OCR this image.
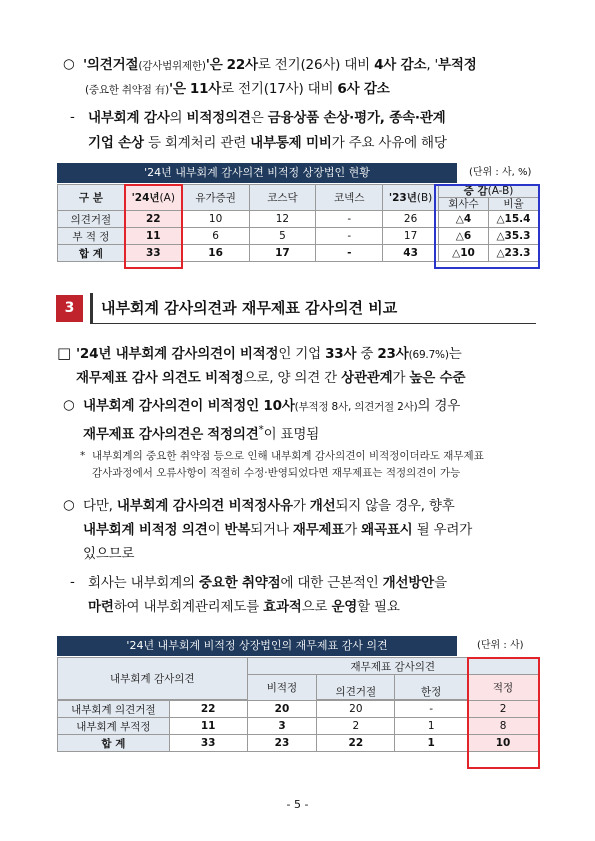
○ '의견거절(감사범위제한)'은 22사로 전기(26사) 대비 4사 감소, '부적정
(중요한 취약점 有)'은 11사로 전기(17사) 대비 6사 감소
- 내부회계 감사의 비적정의견은 금융상품 손상·평가, 종속·관계
기업 손상 등 회계처리 관련 내부통제 미비가 주요 사유에 해당
'24년 내부회계 감사의견 비적정 상장법인 현황	(단위 : 사, %)
구 분	'24년(A)	유가증권	코스닥	코넥스	'23년(B)	증 감(A-B)	
						회사수	비율
의견거절	22	10	12	-	26	△4	△15.4
부 적 정	11	6	5	-	17	△6	△35.3
합 계	33	16	17	-	43	△10	△23.3
3	내부회계 감사의견과 재무제표 감사의견 비교
□ '24년 내부회계 감사의견이 비적정인 기업 33사 중 23사(69.7%)는
재무제표 감사 의견도 비적정으로, 양 의견 간 상관관계가 높은 수준
○ 내부회계 감사의견이 비적정인 10사(부적정 8사, 의견거절 2사)의 경우
재무제표 감사의견은 적정의견*이 표명됨
* 내부회계의 중요한 취약점 등으로 인해 내부회계 감사의견이 비적정이더라도 재무제표
감사과정에서 오류사항이 적절히 수정·반영되었다면 재무제표는 적정의견이 가능
○ 다만, 내부회계 감사의견 비적정사유가 개선되지 않을 경우, 향후
내부회계 비적정 의견이 반복되거나 재무제표가 왜곡표시 될 우려가
있으므로
- 회사는 내부회계의 중요한 취약점에 대한 근본적인 개선방안을
마련하여 내부회계관리제도를 효과적으로 운영할 필요
'24년 내부회계 비적정 상장법인의 재무제표 감사 의견	(단위 : 사)
내부회계 감사의견		재무제표 감사의견			
		비적정	의견거절	한정	적정

내부회계 의견거절	22	20	20	-	2
내부회계 부적정	11	3	2	1	8
합 계	33	23	22	1	10
- 5 -
